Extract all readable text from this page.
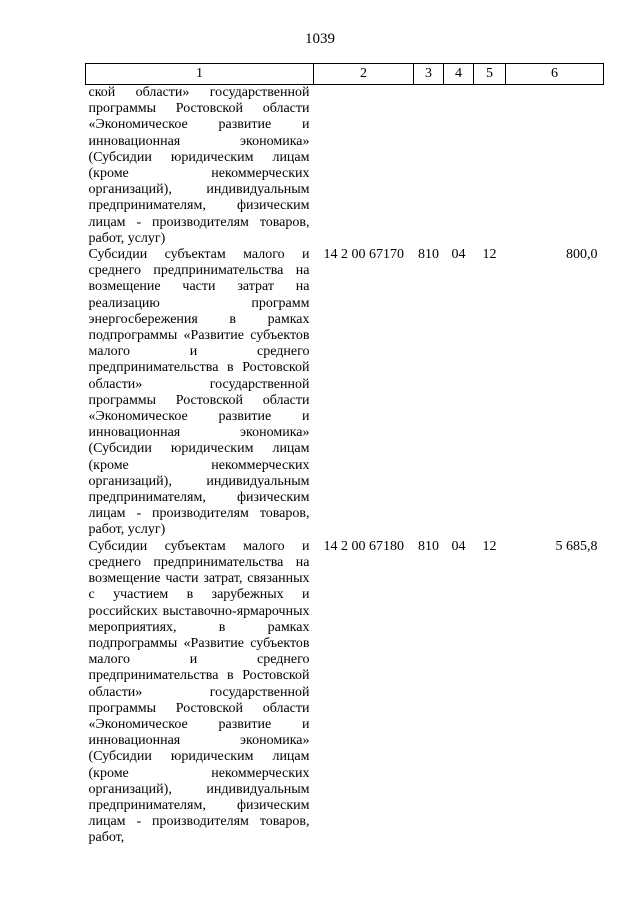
1039
1	2	3	4	5	6

ской области» государственной программы Ростовской области «Экономическое развитие и инновационная экономика» (Субсидии юридическим лицам (кроме некоммерческих организаций), индивидуальным предпринимателям, физическим лицам - производителям товаров, работ, услуг)					

Субсидии субъектам малого и среднего предпринимательства на возмещение части затрат на реализацию программ энергосбережения в рамках подпрограммы «Развитие субъектов малого и среднего предпринимательства в Ростовской области» государственной программы Ростовской области «Экономическое развитие и инновационная экономика» (Субсидии юридическим лицам (кроме некоммерческих организаций), индивидуальным предпринимателям, физическим лицам - производителям товаров, работ, услуг)	14 2 00 67170	810	04	12	800,0

Субсидии субъектам малого и среднего предпринимательства на возмещение части затрат, связанных с участием в зарубежных и российских выставочно-ярмарочных мероприятиях, в рамках подпрограммы «Развитие субъектов малого и среднего предпринимательства в Ростовской области» государственной программы Ростовской области «Экономическое развитие и инновационная экономика» (Субсидии юридическим лицам (кроме некоммерческих организаций), индивидуальным предпринимателям, физическим лицам - производителям товаров, работ,	14 2 00 67180	810	04	12	5 685,8
